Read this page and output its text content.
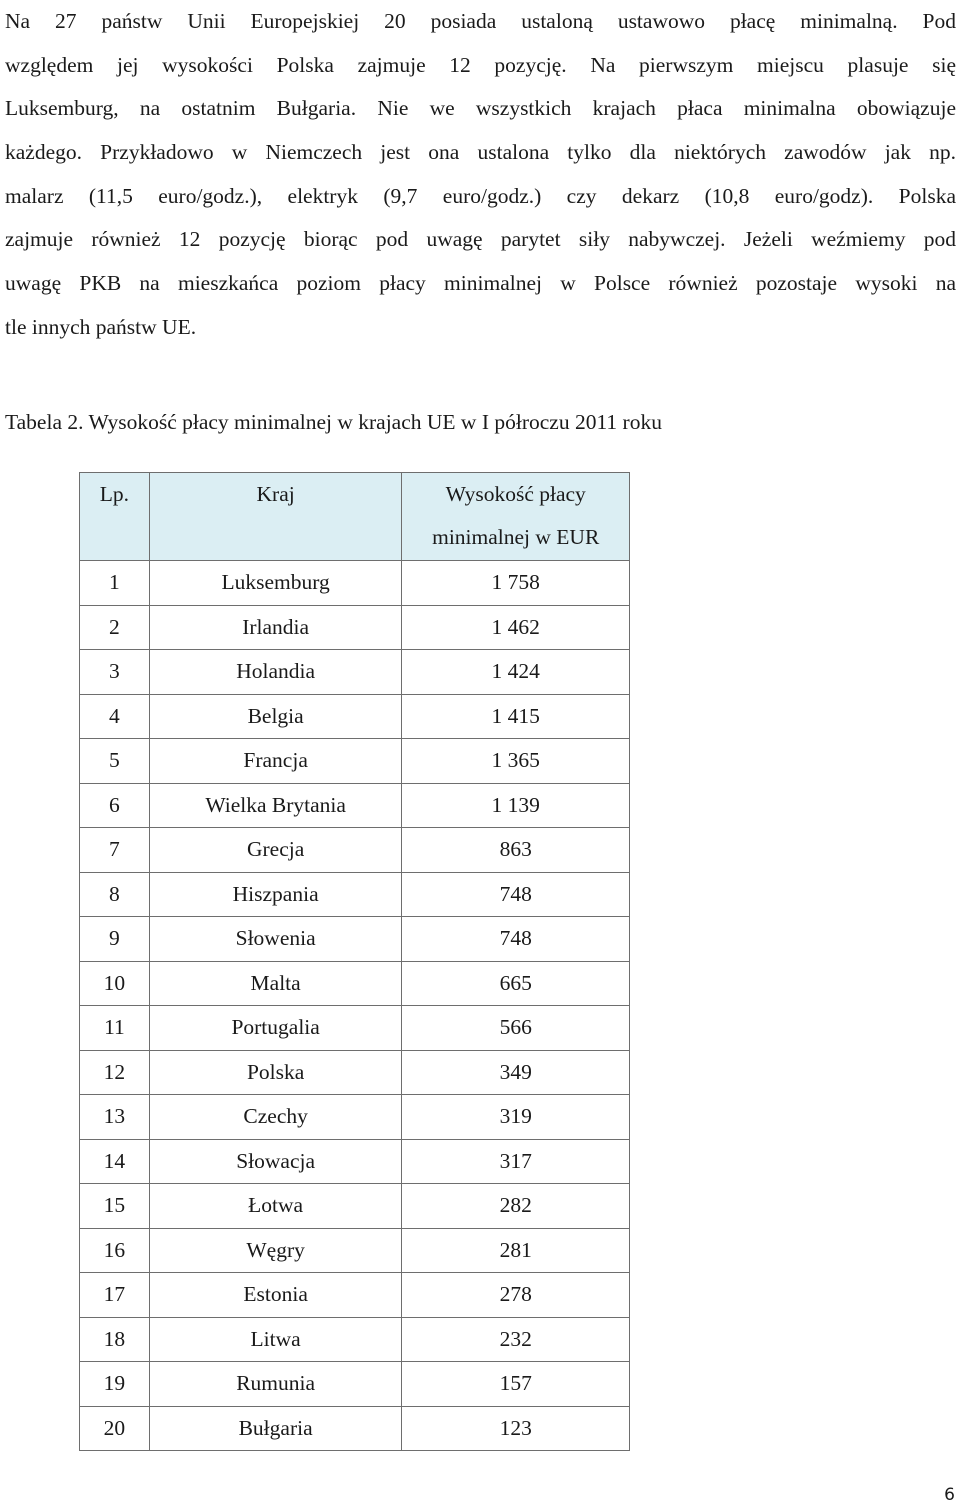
Na 27 państw Unii Europejskiej 20 posiada ustaloną ustawowo płacę minimalną. Pod
względem jej wysokości Polska zajmuje 12 pozycję. Na pierwszym miejscu plasuje się
Luksemburg, na ostatnim Bułgaria. Nie we wszystkich krajach płaca minimalna obowiązuje
każdego. Przykładowo w Niemczech jest ona ustalona tylko dla niektórych zawodów jak np.
malarz (11,5 euro/godz.), elektryk (9,7 euro/godz.) czy dekarz (10,8 euro/godz). Polska
zajmuje również 12 pozycję biorąc pod uwagę parytet siły nabywczej. Jeżeli weźmiemy pod
uwagę PKB na mieszkańca poziom płacy minimalnej w Polsce również pozostaje wysoki na
tle innych państw UE.
Tabela 2. Wysokość płacy minimalnej w krajach UE w I półroczu 2011 roku
Lp.	Kraj	Wysokość płacy
minimalnej w EUR

1	Luksemburg	1 758
2	Irlandia	1 462
3	Holandia	1 424
4	Belgia	1 415
5	Francja	1 365
6	Wielka Brytania	1 139
7	Grecja	863
8	Hiszpania	748
9	Słowenia	748
10	Malta	665
11	Portugalia	566
12	Polska	349
13	Czechy	319
14	Słowacja	317
15	Łotwa	282
16	Węgry	281
17	Estonia	278
18	Litwa	232
19	Rumunia	157
20	Bułgaria	123
6
